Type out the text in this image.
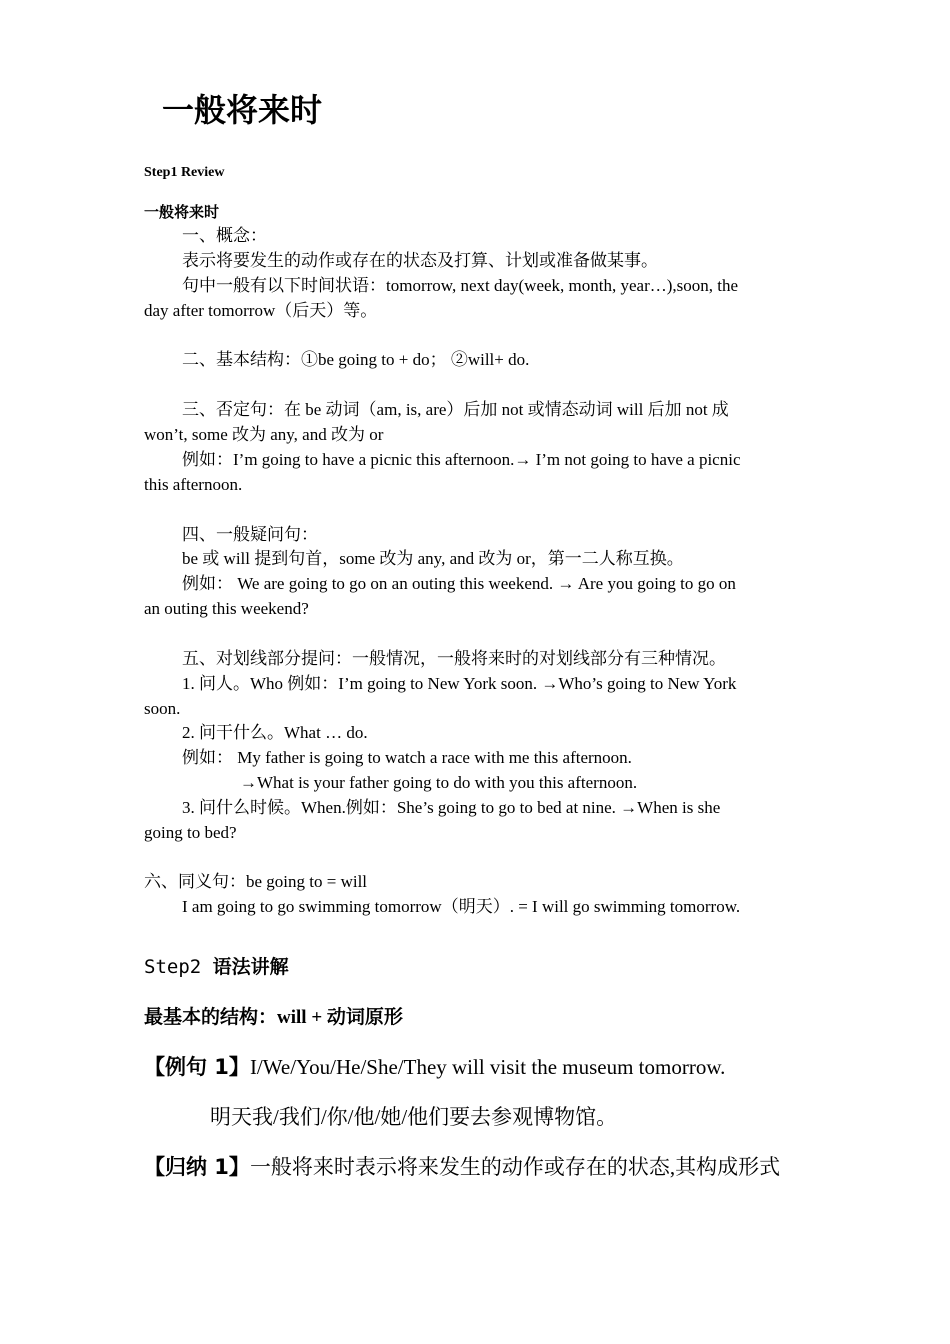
一般将来时
Step1 Review
一般将来时
一、概念：
表示将要发生的动作或存在的状态及打算、计划或准备做某事。
句中一般有以下时间状语：tomorrow, next day(week, month, year…),soon, the
day after tomorrow（后天）等。
二、基本结构：①be going to + do； ②will+ do.
三、否定句：在 be 动词（am, is, are）后加 not 或情态动词 will 后加 not 成
won’t, some 改为 any, and 改为 or
例如：I’m going to have a picnic this afternoon.→ I’m not going to have a picnic
this afternoon.
四、一般疑问句：
be 或 will 提到句首，some 改为 any, and 改为 or，第一二人称互换。
例如： We are going to go on an outing this weekend. → Are you going to go on
an outing this weekend?
五、对划线部分提问：一般情况，一般将来时的对划线部分有三种情况。
1. 问人。Who 例如：I’m going to New York soon. →Who’s going to New York
soon.
2. 问干什么。What … do.
例如： My father is going to watch a race with me this afternoon.
→What is your father going to do with you this afternoon.
3. 问什么时候。When.例如：She’s going to go to bed at nine. →When is she
going to bed?
六、同义句：be going to = will
I am going to go swimming tomorrow（明天）. = I will go swimming tomorrow.
Step2 语法讲解
最基本的结构：will + 动词原形
【例句 1】I/We/You/He/She/They will visit the museum tomorrow.
明天我/我们/你/他/她/他们要去参观博物馆。
【归纳 1】一般将来时表示将来发生的动作或存在的状态,其构成形式
